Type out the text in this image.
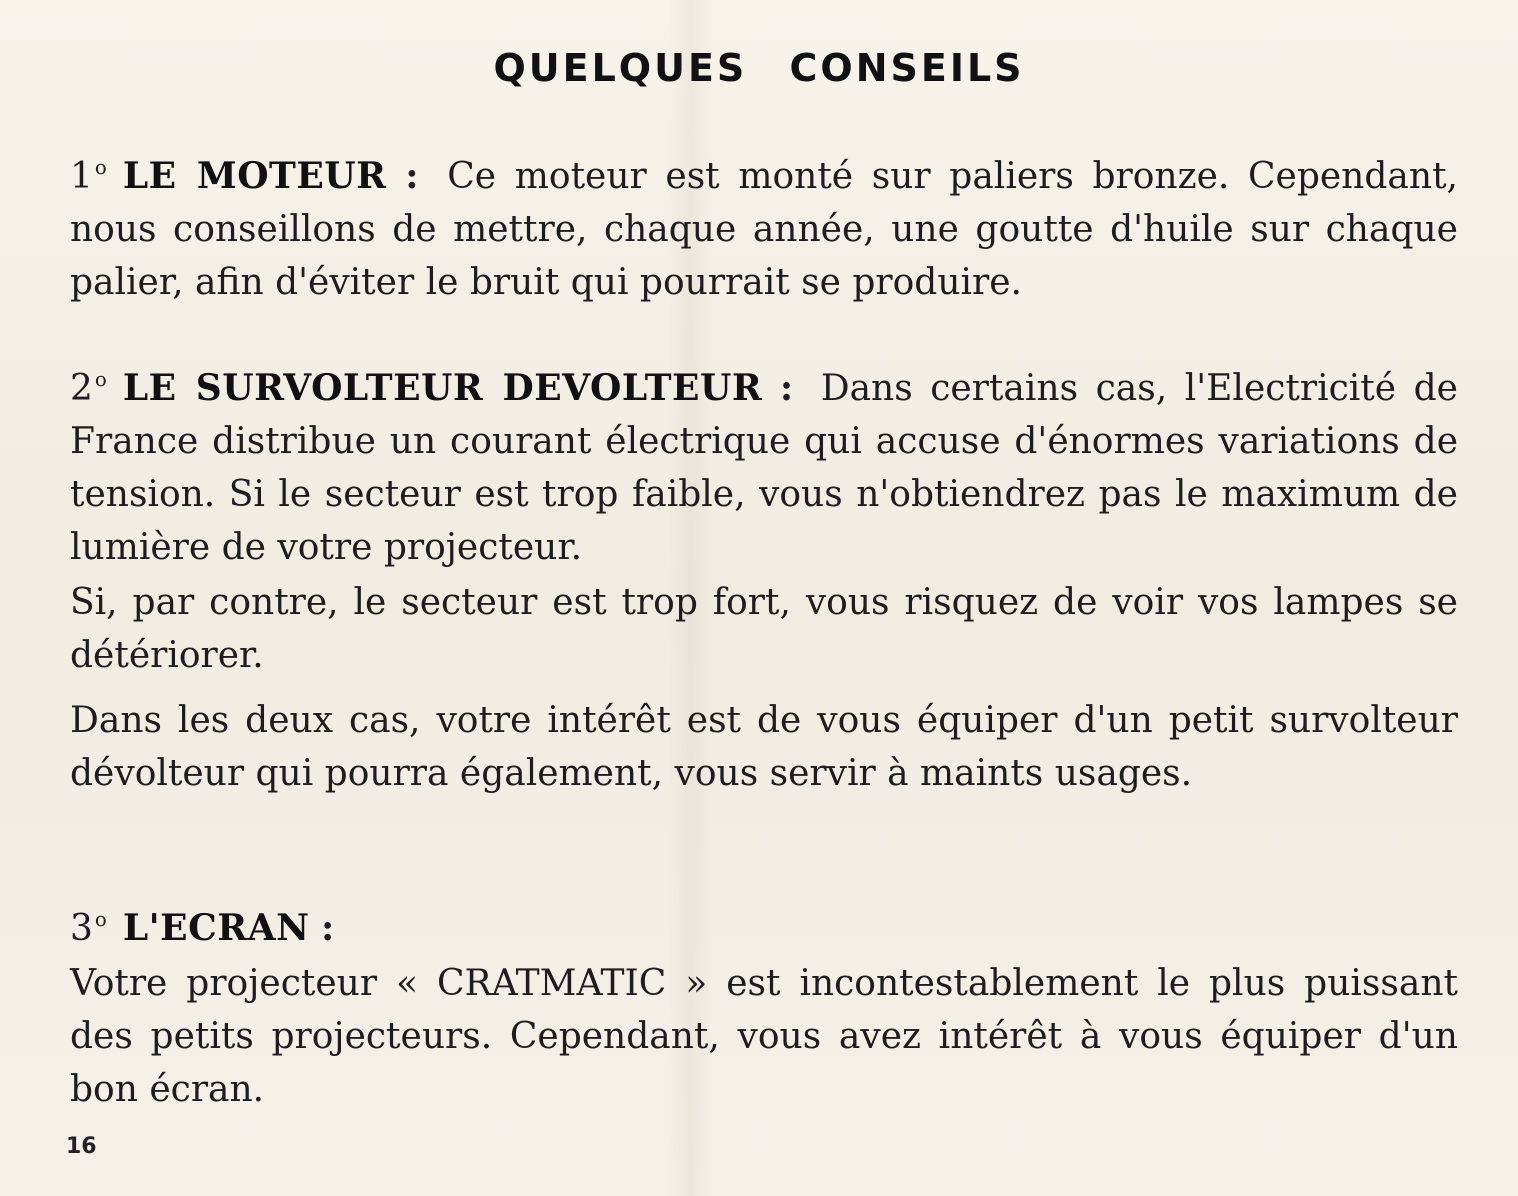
QUELQUES CONSEILS

1 $^o$ LE MOTEUR : Ce moteur est monté sur paliers bronze. Cependant, nous conseillons de mettre, chaque année, une goutte d'huile sur chaque palier, afin d'éviter le bruit qui pourrait se produire.

2 $^o$ LE SURVOLTEUR DEVOLTEUR : Dans certains cas, l'Electricité de France distribue un courant électrique qui accuse d'énormes variations de tension. Si le secteur est trop faible, vous n'obtiendrez pas le maximum de lumière de votre projecteur.

Si, par contre, le secteur est trop fort, vous risquez de voir vos lampes se détériorer.

Dans les deux cas, votre intérêt est de vous équiper d'un petit survolteur dévolteur qui pourra également, vous servir à maints usages.

3 $^o$ L'ECRAN :

Votre projecteur « CRATMATIC » est incontestablement le plus puissant des petits projecteurs. Cependant, vous avez intérêt à vous équiper d'un bon écran.

16
